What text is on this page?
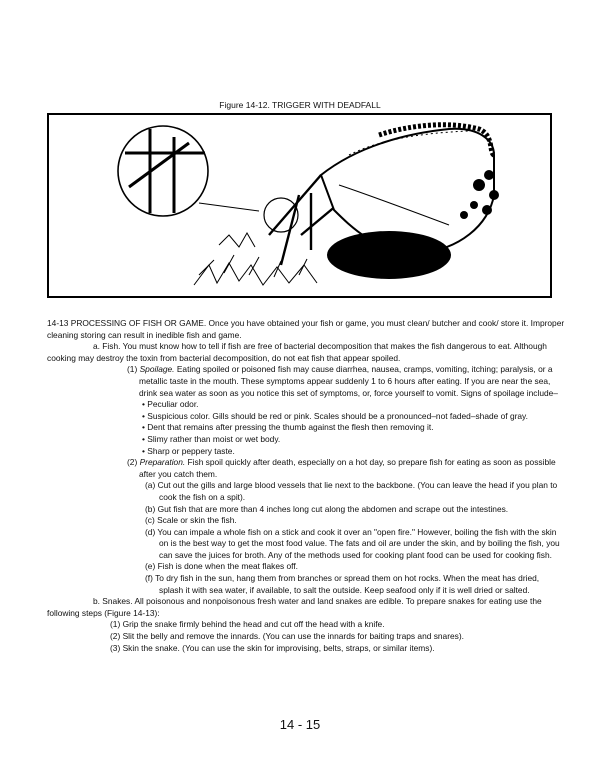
Figure 14-12. TRIGGER WITH DEADFALL

14-13 PROCESSING OF FISH OR GAME. Once you have obtained your fish or game, you must clean/ butcher and cook/ store it. Improper cleaning storing can result in inedible fish and game.

a. Fish. You must know how to tell if fish are free of bacterial decomposition that makes the fish dangerous to eat. Although cooking may destroy the toxin from bacterial decomposition, do not eat fish that appear spoiled.

(1) Spoilage. Eating spoiled or poisoned fish may cause diarrhea, nausea, cramps, vomiting, itching; paralysis, or a metallic taste in the mouth. These symptoms appear suddenly 1 to 6 hours after eating. If you are near the sea, drink sea water as soon as you notice this set of symptoms, or, force yourself to vomit. Signs of spoilage include–

• Peculiar odor.

• Suspicious color. Gills should be red or pink. Scales should be a pronounced–not faded–shade of gray.

• Dent that remains after pressing the thumb against the flesh then removing it.

• Slimy rather than moist or wet body.

• Sharp or peppery taste.

(2) Preparation. Fish spoil quickly after death, especially on a hot day, so prepare fish for eating as soon as possible after you catch them.

(a) Cut out the gills and large blood vessels that lie next to the backbone. (You can leave the head if you plan to cook the fish on a spit).

(b) Gut fish that are more than 4 inches long cut along the abdomen and scrape out the intestines.

(c) Scale or skin the fish.

(d) You can impale a whole fish on a stick and cook it over an "open fire." However, boiling the fish with the skin on is the best way to get the most food value. The fats and oil are under the skin, and by boiling the fish, you can save the juices for broth. Any of the methods used for cooking plant food can be used for cooking fish.

(e) Fish is done when the meat flakes off.

(f) To dry fish in the sun, hang them from branches or spread them on hot rocks. When the meat has dried, splash it with sea water, if available, to salt the outside. Keep seafood only if it is well dried or salted.

b. Snakes. All poisonous and nonpoisonous fresh water and land snakes are edible. To prepare snakes for eating use the following steps (Figure 14-13):

(1) Grip the snake firmly behind the head and cut off the head with a knife.

(2) Slit the belly and remove the innards. (You can use the innards for baiting traps and snares).

(3) Skin the snake. (You can use the skin for improvising, belts, straps, or similar items).

14 - 15
